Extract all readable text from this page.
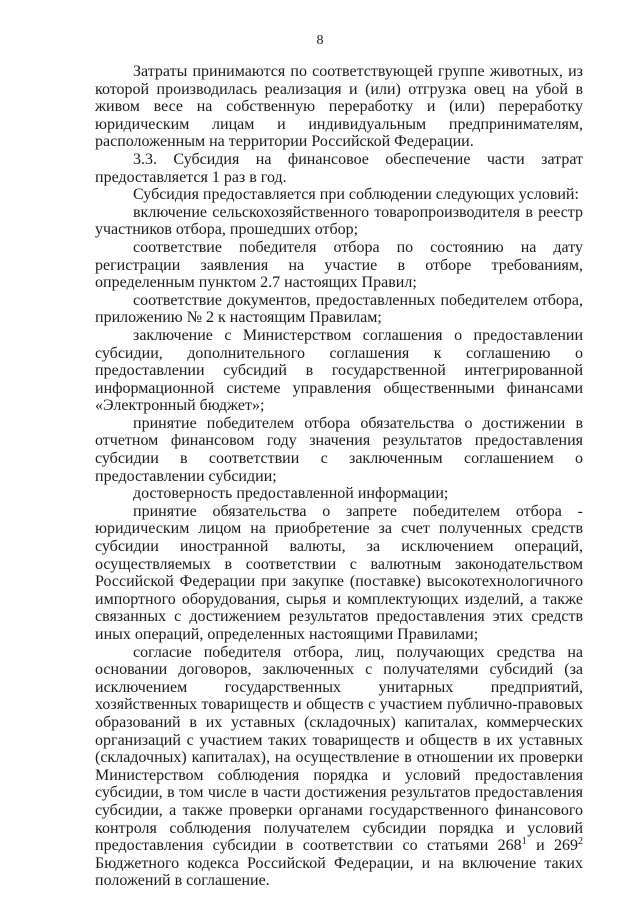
8

Затраты принимаются по соответствующей группе животных, из которой производилась реализация и (или) отгрузка овец на убой в живом весе на собственную переработку и (или) переработку юридическим лицам и индивидуальным предпринимателям, расположенным на территории Российской Федерации.

3.3. Субсидия на финансовое обеспечение части затрат предоставляется 1 раз в год.

Субсидия предоставляется при соблюдении следующих условий:

включение сельскохозяйственного товаропроизводителя в реестр участников отбора, прошедших отбор;

соответствие победителя отбора по состоянию на дату регистрации заявления на участие в отборе требованиям, определенным пунктом 2.7 настоящих Правил;

соответствие документов, предоставленных победителем отбора, приложению № 2 к настоящим Правилам;

заключение с Министерством соглашения о предоставлении субсидии, дополнительного соглашения к соглашению о предоставлении субсидий в государственной интегрированной информационной системе управления общественными финансами «Электронный бюджет»;

принятие победителем отбора обязательства о достижении в отчетном финансовом году значения результатов предоставления субсидии в соответствии с заключенным соглашением о предоставлении субсидии;

достоверность предоставленной информации;

принятие обязательства о запрете победителем отбора - юридическим лицом на приобретение за счет полученных средств субсидии иностранной валюты, за исключением операций, осуществляемых в соответствии с валютным законодательством Российской Федерации при закупке (поставке) высокотехнологичного импортного оборудования, сырья и комплектующих изделий, а также связанных с достижением результатов предоставления этих средств иных операций, определенных настоящими Правилами;

согласие победителя отбора, лиц, получающих средства на основании договоров, заключенных с получателями субсидий (за исключением государственных унитарных предприятий, хозяйственных товариществ и обществ с участием публично-правовых образований в их уставных (складочных) капиталах, коммерческих организаций с участием таких товариществ и обществ в их уставных (складочных) капиталах), на осуществление в отношении их проверки Министерством соблюдения порядка и условий предоставления субсидии, в том числе в части достижения результатов предоставления субсидии, а также проверки органами государственного финансового контроля соблюдения получателем субсидии порядка и условий предоставления субсидии в соответствии со статьями $268^1$ и $269^2$ Бюджетного кодекса Российской Федерации, и на включение таких положений в соглашение.
